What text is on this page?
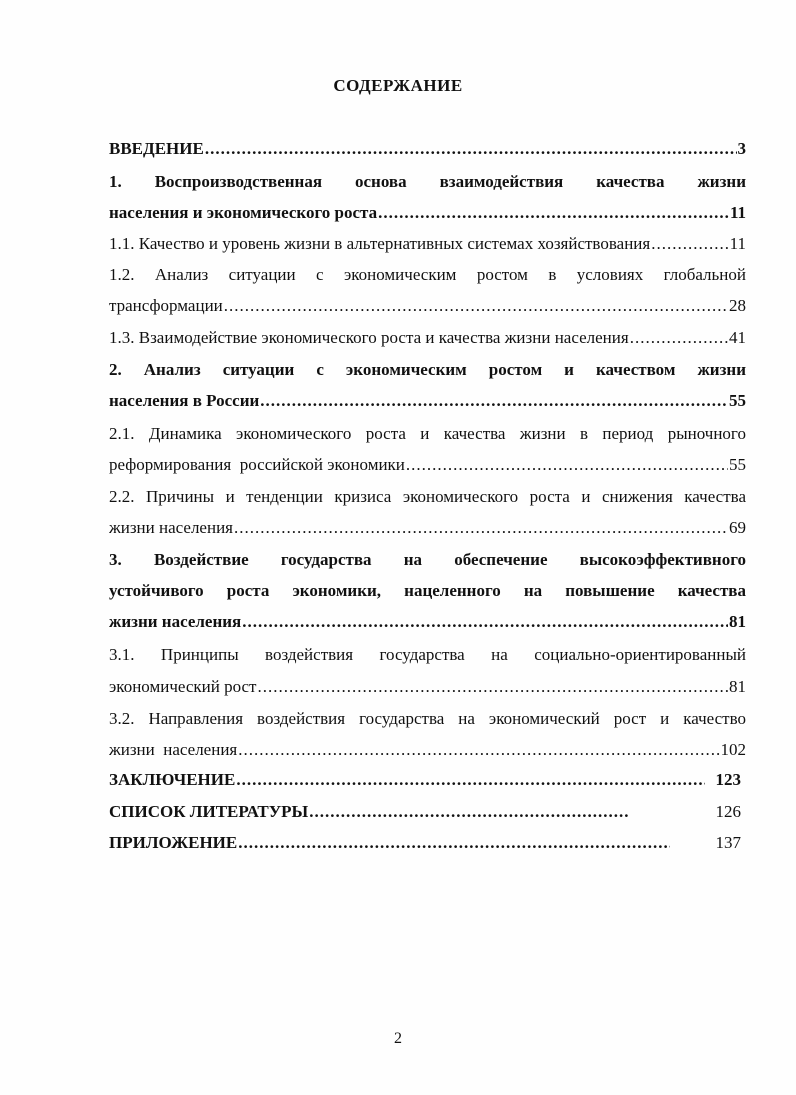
СОДЕРЖАНИЕ
ВВЕДЕНИЕ .....	3
1. Воспроизводственная основа взаимодействия качества жизни
населения и экономического роста .....	11
1.1. Качество и уровень жизни в альтернативных системах хозяйствования .....	11
1.2. Анализ ситуации с экономическим ростом в условиях глобальной
трансформации .....	28
1.3. Взаимодействие экономического роста и качества жизни населения .....	41
2. Анализ ситуации с экономическим ростом и качеством жизни
населения в России .....	55
2.1. Динамика экономического роста и качества жизни в период рыночного
реформирования  российской экономики .....	55
2.2. Причины и тенденции кризиса экономического роста и снижения качества
жизни населения .....	69
3. Воздействие государства на обеспечение высокоэффективного
устойчивого роста экономики, нацеленного на повышение качества
жизни населения .....	81
3.1. Принципы воздействия государства на социально-ориентированный
экономический рост .....	81
3.2. Направления воздействия государства на экономический рост и качество
жизни  населения .....	102
ЗАКЛЮЧЕНИЕ .....	123
СПИСОК ЛИТЕРАТУРЫ .....	126
ПРИЛОЖЕНИЕ .....	137
2
